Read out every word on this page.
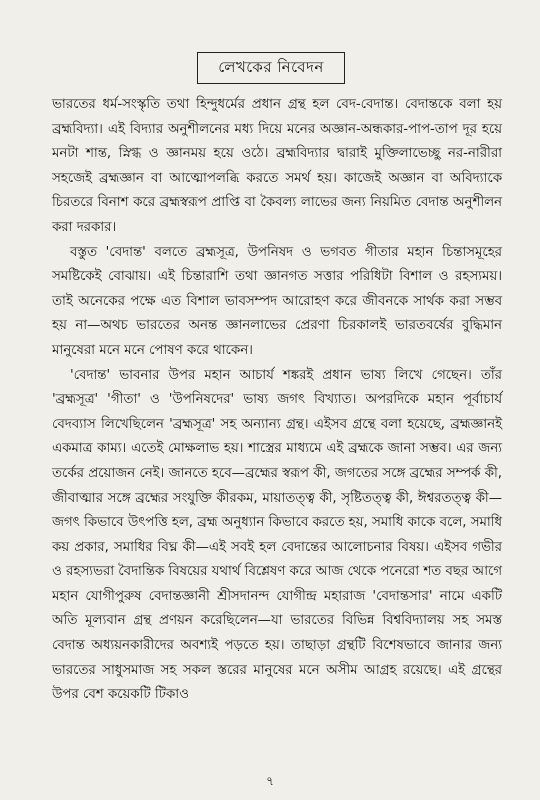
লেখকের নিবেদন

ভারতের ধর্ম-সংস্কৃতি তথা হিন্দুধর্মের প্রধান গ্রন্থ হল বেদ-বেদান্ত। বেদান্তকে বলা হয় ব্রহ্মবিদ্যা। এই বিদ্যার অনুশীলনের মধ্য দিয়ে মনের অজ্ঞান-অন্ধকার-পাপ-তাপ দূর হয়ে মনটা শান্ত, স্নিগ্ধ ও জ্ঞানময় হয়ে ওঠে। ব্রহ্মবিদ্যার দ্বারাই মুক্তিলাভেচ্ছু নর-নারীরা সহজেই ব্রহ্মজ্ঞান বা আত্মোপলব্ধি করতে সমর্থ হয়। কাজেই অজ্ঞান বা অবিদ্যাকে চিরতরে বিনাশ করে ব্রহ্মস্বরূপ প্রাপ্তি বা কৈবল্য লাভের জন্য নিয়মিত বেদান্ত অনুশীলন করা দরকার।

বস্তুত 'বেদান্ত' বলতে ব্রহ্মসূত্র, উপনিষদ ও ভগবত গীতার মহান চিন্তাসমূহের সমষ্টিকেই বোঝায়। এই চিন্তারাশি তথা জ্ঞানগত সত্তার পরিধিটা বিশাল ও রহস্যময়। তাই অনেকের পক্ষে এত বিশাল ভাবসম্পদ আরোহণ করে জীবনকে সার্থক করা সম্ভব হয় না—অথচ ভারতের অনন্ত জ্ঞানলাভের প্রেরণা চিরকালই ভারতবর্ষের বুদ্ধিমান মানুষেরা মনে মনে পোষণ করে থাকেন।

'বেদান্ত' ভাবনার উপর মহান আচার্য শঙ্করই প্রধান ভাষ্য লিখে গেছেন। তাঁর 'ব্রহ্মসূত্র' 'গীতা' ও 'উপনিষদের' ভাষ্য জগৎ বিখ্যাত। অপরদিকে মহান পূর্বাচার্য বেদব্যাস লিখেছিলেন 'ব্রহ্মসূত্র' সহ অন্যান্য গ্রন্থ। এইসব গ্রন্থে বলা হয়েছে, ব্রহ্মজ্ঞানই একমাত্র কাম্য। এতেই মোক্ষলাভ হয়। শাস্ত্রের মাধ্যমে এই ব্রহ্মকে জানা সম্ভব। এর জন্য তর্কের প্রয়োজন নেই। জানতে হবে—ব্রহ্মের স্বরূপ কী, জগতের সঙ্গে ব্রহ্মের সম্পর্ক কী, জীবাত্মার সঙ্গে ব্রহ্মের সংযুক্তি কীরকম, মায়াতত্ত্ব কী, সৃষ্টিতত্ত্ব কী, ঈশ্বরতত্ত্ব কী—জগৎ কিভাবে উৎপত্তি হল, ব্রহ্ম অনুধ্যান কিভাবে করতে হয়, সমাধি কাকে বলে, সমাধি কয় প্রকার, সমাধির বিঘ্ন কী—এই সবই হল বেদান্তের আলোচনার বিষয়। এইসব গভীর ও রহস্যভরা বৈদান্তিক বিষয়ের যথার্থ বিশ্লেষণ করে আজ থেকে পনেরো শত বছর আগে মহান যোগীপুরুষ বেদান্তজ্ঞানী শ্রীসদানন্দ যোগীন্দ্র মহারাজ 'বেদান্তসার' নামে একটি অতি মূল্যবান গ্রন্থ প্রণয়ন করেছিলেন—যা ভারতের বিভিন্ন বিশ্ববিদ্যালয় সহ সমস্ত বেদান্ত অধ্যয়নকারীদের অবশ্যই পড়তে হয়। তাছাড়া গ্রন্থটি বিশেষভাবে জানার জন্য ভারতের সাধুসমাজ সহ সকল স্তরের মানুষের মনে অসীম আগ্রহ রয়েছে। এই গ্রন্থের উপর বেশ কয়েকটি টিকাও

৭
